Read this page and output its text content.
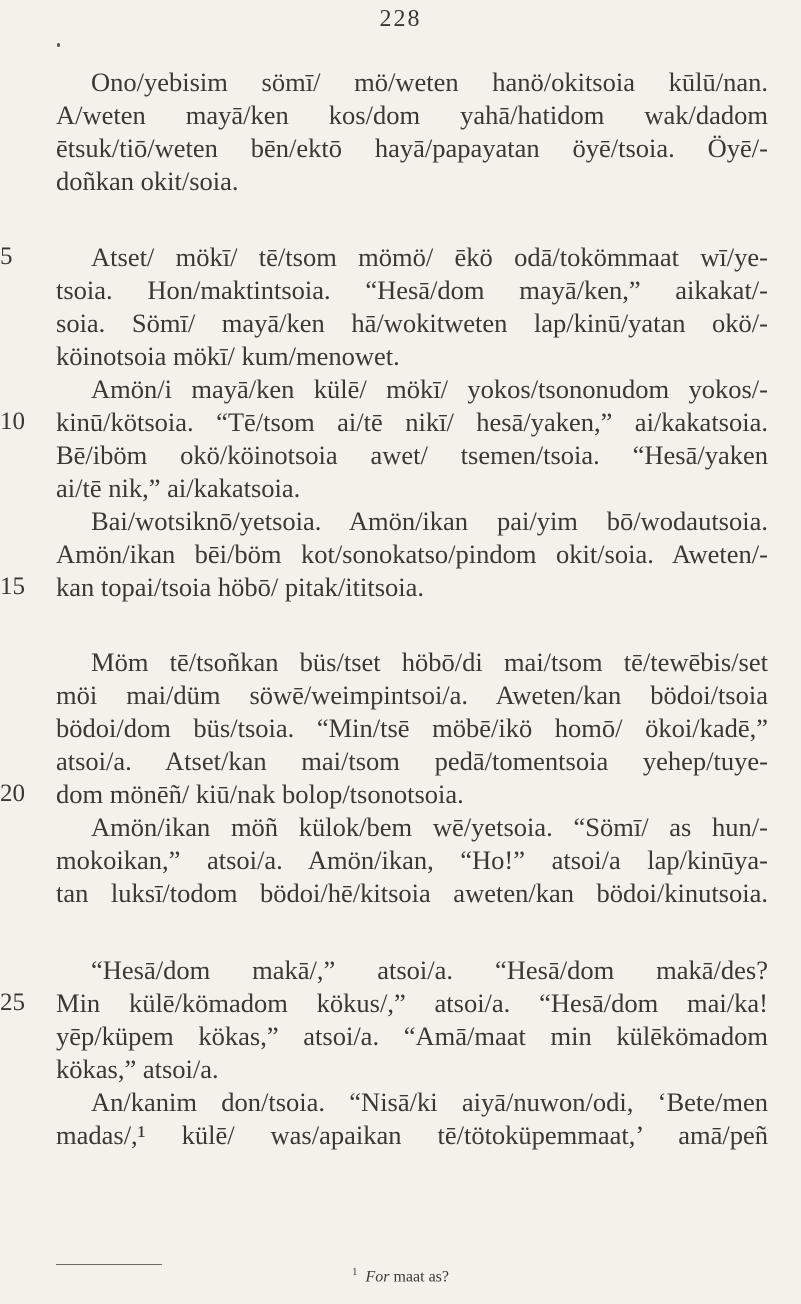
228
Ono/yebisim sömī/ mö/weten hanö/okitsoia kūlū/nan.
A/weten mayā/ken kos/dom yahā/hatidom wak/dadom
ētsuk/tiō/weten bēn/ektō hayā/papayatan öyē/tsoia. Öyē/-
doñkan okit/soia.
5	Atset/ mökī/ tē/tsom mömö/ ēkö odā/tokömmaat wī/ye-
tsoia. Hon/maktintsoia. “Hesā/dom mayā/ken,” aikakat/-
soia. Sömī/ mayā/ken hā/wokitweten lap/kinū/yatan okö/-
köinotsoia mökī/ kum/menowet.
Amön/i mayā/ken külē/ mökī/ yokos/tsononudom yokos/-
10	kinū/kötsoia. “Tē/tsom ai/tē nikī/ hesā/yaken,” ai/kakatsoia.
Bē/iböm okö/köinotsoia awet/ tsemen/tsoia. “Hesā/yaken
ai/tē nik,” ai/kakatsoia.
Bai/wotsiknō/yetsoia. Amön/ikan pai/yim bō/wodautsoia.
Amön/ikan bēi/böm kot/sonokatso/pindom okit/soia. Aweten/-
15	kan topai/tsoia höbō/ pitak/ititsoia.
Möm tē/tsoñkan büs/tset höbō/di mai/tsom tē/tewēbis/set
möi mai/düm söwē/weimpintsoi/a. Aweten/kan bödoi/tsoia
bödoi/dom büs/tsoia. “Min/tsē möbē/ikö homō/ ökoi/kadē,”
atsoi/a. Atset/kan mai/tsom pedā/tomentsoia yehep/tuye-
20	dom mönēñ/ kiū/nak bolop/tsonotsoia.
Amön/ikan möñ külok/bem wē/yetsoia. “Sömī/ as hun/-
mokoikan,” atsoi/a. Amön/ikan, “Ho!” atsoi/a lap/kinūya-
tan luksī/todom bödoi/hē/kitsoia aweten/kan bödoi/kinutsoia.
“Hesā/dom makā/,” atsoi/a. “Hesā/dom makā/des?
25	Min külē/kömadom kökus/,” atsoi/a. “Hesā/dom mai/ka!
yēp/küpem kökas,” atsoi/a. “Amā/maat min külēkömadom
kökas,” atsoi/a.
An/kanim don/tsoia. “Nisā/ki aiyā/nuwon/odi, ‘Bete/men
madas/,¹ külē/ was/apaikan tē/tötoküpemmaat,’ amā/peñ
$^1$ For maat as?
